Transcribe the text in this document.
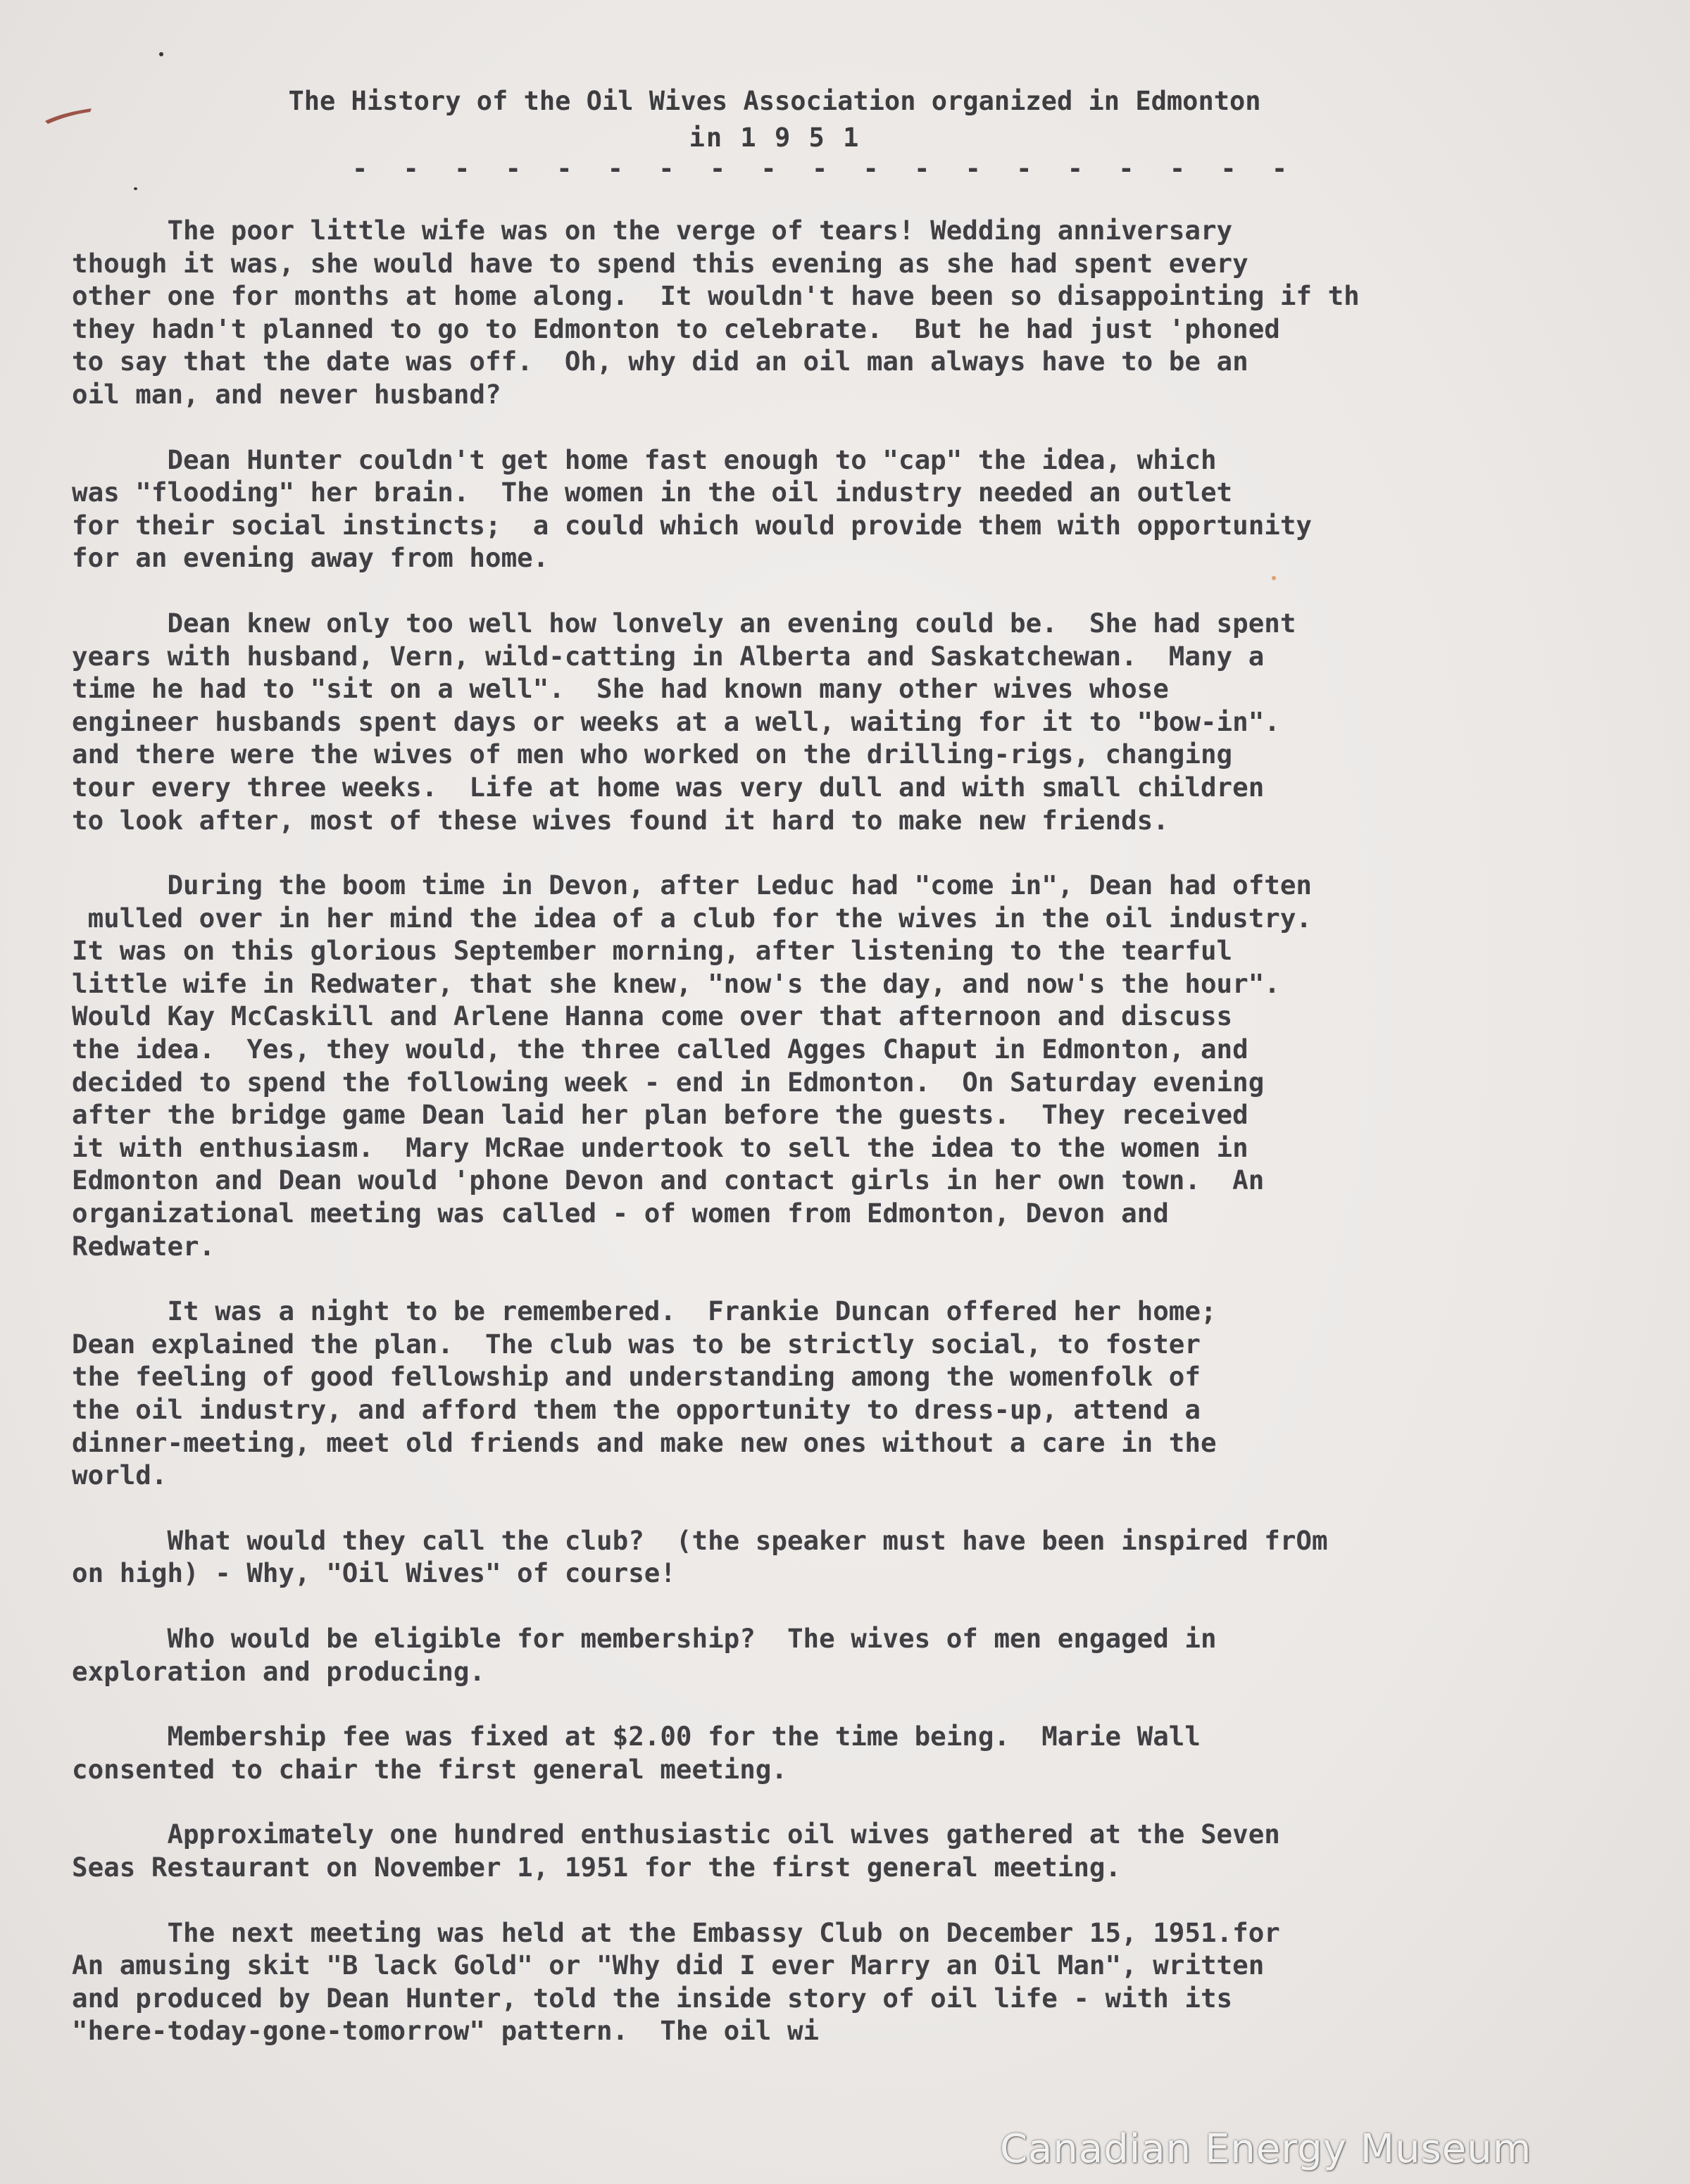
The History of the Oil Wives Association organized in Edmonton
in 1 9 5 1
- - - - - - - - - - - - - - - - - - -
The poor little wife was on the verge of tears! Wedding anniversary
though it was, she would have to spend this evening as she had spent every
other one for months at home along.  It wouldn't have been so disappointing if th
they hadn't planned to go to Edmonton to celebrate.  But he had just 'phoned
to say that the date was off.  Oh, why did an oil man always have to be an
oil man, and never husband?
Dean Hunter couldn't get home fast enough to "cap" the idea, which
was "flooding" her brain.  The women in the oil industry needed an outlet
for their social instincts;  a could which would provide them with opportunity
for an evening away from home.
Dean knew only too well how lonvely an evening could be.  She had spent
years with husband, Vern, wild-catting in Alberta and Saskatchewan.  Many a
time he had to "sit on a well".  She had known many other wives whose
engineer husbands spent days or weeks at a well, waiting for it to "bow-in".
and there were the wives of men who worked on the drilling-rigs, changing
tour every three weeks.  Life at home was very dull and with small children
to look after, most of these wives found it hard to make new friends.
During the boom time in Devon, after Leduc had "come in", Dean had often
mulled over in her mind the idea of a club for the wives in the oil industry.
It was on this glorious September morning, after listening to the tearful
little wife in Redwater, that she knew, "now's the day, and now's the hour".
Would Kay McCaskill and Arlene Hanna come over that afternoon and discuss
the idea.  Yes, they would, the three called Agges Chaput in Edmonton, and
decided to spend the following week - end in Edmonton.  On Saturday evening
after the bridge game Dean laid her plan before the guests.  They received
it with enthusiasm.  Mary McRae undertook to sell the idea to the women in
Edmonton and Dean would 'phone Devon and contact girls in her own town.  An
organizational meeting was called - of women from Edmonton, Devon and
Redwater.
It was a night to be remembered.  Frankie Duncan offered her home;
Dean explained the plan.  The club was to be strictly social, to foster
the feeling of good fellowship and understanding among the womenfolk of
the oil industry, and afford them the opportunity to dress-up, attend a
dinner-meeting, meet old friends and make new ones without a care in the
world.
What would they call the club?  (the speaker must have been inspired frOm
on high) - Why, "Oil Wives" of course!
Who would be eligible for membership?  The wives of men engaged in
exploration and producing.
Membership fee was fixed at $2.00 for the time being.  Marie Wall
consented to chair the first general meeting.
Approximately one hundred enthusiastic oil wives gathered at the Seven
Seas Restaurant on November 1, 1951 for the first general meeting.
The next meeting was held at the Embassy Club on December 15, 1951.for
An amusing skit "B lack Gold" or "Why did I ever Marry an Oil Man", written
and produced by Dean Hunter, told the inside story of oil life - with its
"here-today-gone-tomorrow" pattern.  The oil wi
Canadian Energy Museum
